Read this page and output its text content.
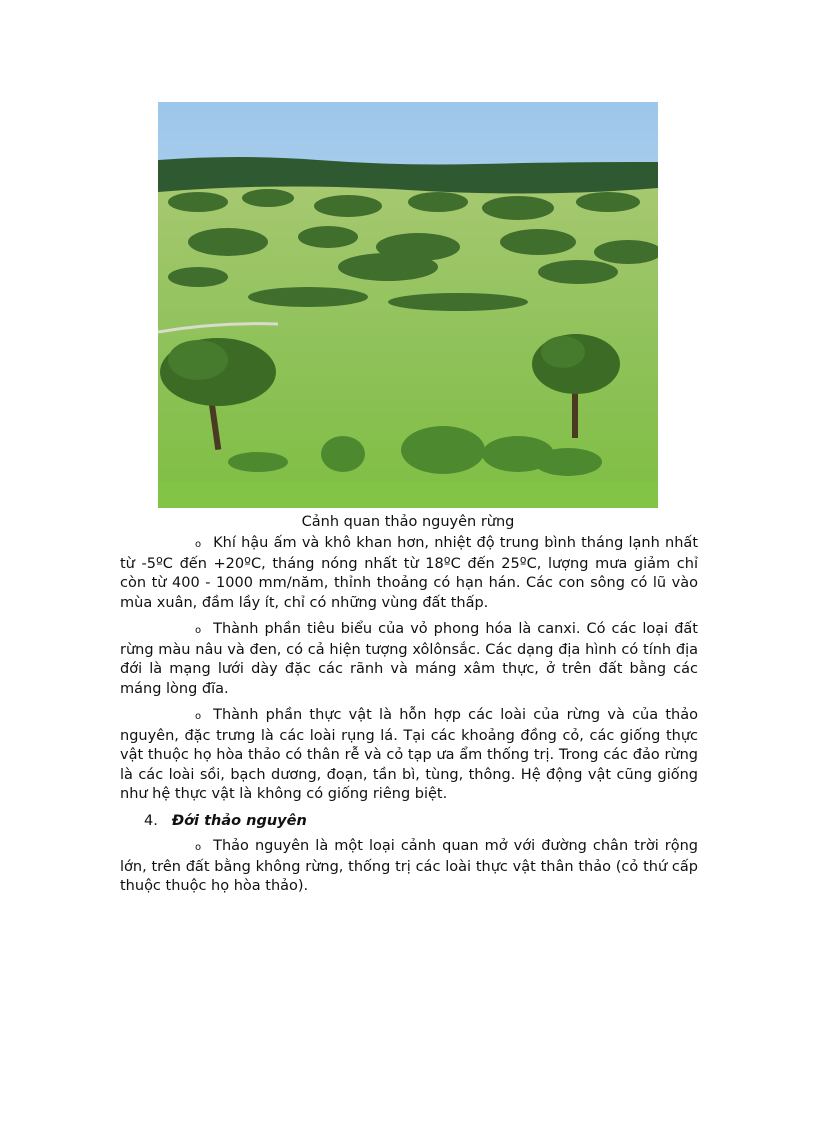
Cảnh quan thảo nguyên rừng

o Khí hậu ấm và khô khan hơn, nhiệt độ trung bình tháng lạnh nhất từ -5ºC đến +20ºC, tháng nóng nhất từ 18ºC đến 25ºC, lượng mưa giảm chỉ còn từ 400 - 1000 mm/năm, thỉnh thoảng có hạn hán. Các con sông có lũ vào mùa xuân, đầm lầy ít, chỉ có những vùng đất thấp.

o Thành phần tiêu biểu của vỏ phong hóa là canxi. Có các loại đất rừng màu nâu và đen, có cả hiện tượng xôlônsắc. Các dạng địa hình có tính địa đới là mạng lưới dày đặc các rãnh và máng xâm thực, ở trên đất bằng các máng lòng đĩa.

o Thành phần thực vật là hỗn hợp các loài của rừng và của thảo nguyên, đặc trưng là các loài rụng lá. Tại các khoảng đồng cỏ, các giống thực vật thuộc họ hòa thảo có thân rễ và cỏ tạp ưa ẩm thống trị. Trong các đảo rừng là các loài sồi, bạch dương, đoạn, tần bì, tùng, thông. Hệ động vật cũng giống như hệ thực vật là không có giống riêng biệt.

4. Đới thảo nguyên

o Thảo nguyên là một loại cảnh quan mở với đường chân trời rộng lớn, trên đất bằng không rừng, thống trị các loài thực vật thân thảo (cỏ thứ cấp thuộc thuộc họ hòa thảo).
